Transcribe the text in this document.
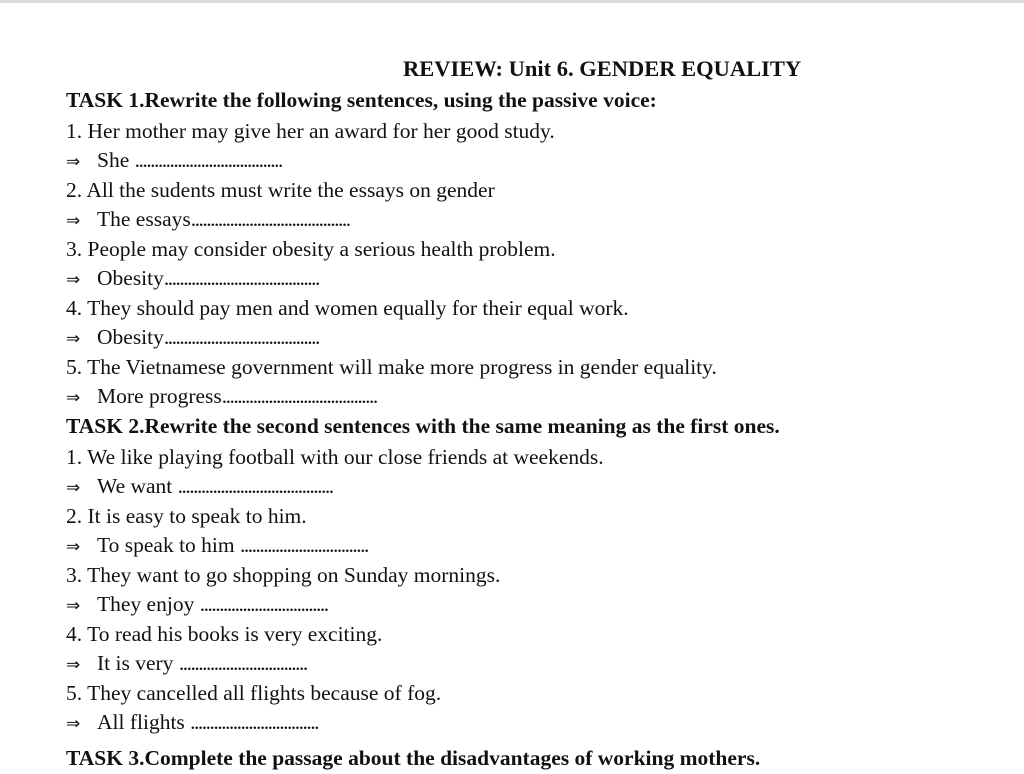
REVIEW: Unit 6. GENDER EQUALITY
TASK 1.Rewrite the following sentences, using the passive voice:
1. Her mother may give her an award for her good study.
⇒ She ......................................
2. All the sudents must write the essays on gender
⇒ The essays.........................................
3. People may consider obesity a serious health problem.
⇒ Obesity........................................
4. They should pay men and women equally for their equal work.
⇒ Obesity........................................
5. The Vietnamese government will make more progress in gender equality.
⇒ More progress........................................
TASK 2.Rewrite the second sentences with the same meaning as the first ones.
1. We like playing football with our close friends at weekends.
⇒ We want ........................................
2. It is easy to speak to him.
⇒ To speak to him .................................
3. They want to go shopping on Sunday mornings.
⇒ They enjoy .................................
4. To read his books is very exciting.
⇒ It is very .................................
5. They cancelled all flights because of fog.
⇒ All flights .................................
TASK 3.Complete the passage about the disadvantages of working mothers.
